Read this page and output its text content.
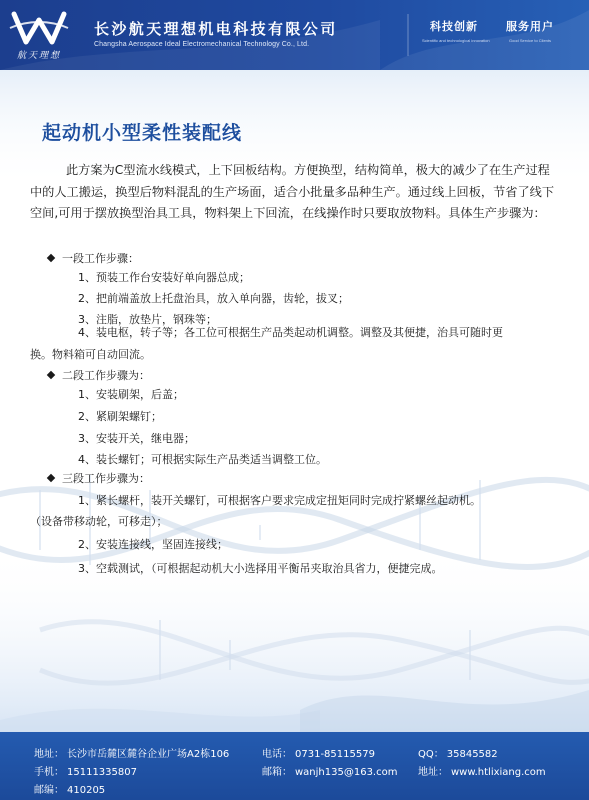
航天理想
长沙航天理想机电科技有限公司
Changsha Aerospace Ideal Electromechanical Technology Co., Ltd.
科技创新
Scientific and technological innovation
服务用户
Good Service to Clients
起动机小型柔性装配线

此方案为C型流水线模式，上下回板结构。方便换型，结构简单，极大的减少了在生产过程中的人工搬运，换型后物料混乱的生产场面，适合小批量多品种生产。通过线上回板，节省了线下空间,可用于摆放换型治具工具，物料架上下回流，在线操作时只要取放物料。具体生产步骤为：

一段工作步骤：
1、预装工作台安装好单向器总成；
2、把前端盖放上托盘治具，放入单向器，齿轮，拔叉；
3、注脂，放垫片，钢珠等；
4、装电枢，转子等；各工位可根据生产品类起动机调整。调整及其便捷，治具可随时更换。物料箱可自动回流。
二段工作步骤为：
1、安装刷架，后盖；
2、紧刷架螺钉；
3、安装开关，继电器；
4、装长螺钉；可根据实际生产品类适当调整工位。
三段工作步骤为：
1、紧长螺杆，装开关螺钉，可根据客户要求完成定扭矩同时完成拧紧螺丝起动机。
（设备带移动轮，可移走）；
2、安装连接线，坚固连接线；
3、空载测试，（可根据起动机大小选择用平衡吊夹取治具省力，便捷完成。
地址： 长沙市岳麓区麓谷企业广场A2栋106	电话： 0731-85115579	QQ： 35845582
手机： 15111335807	邮箱： wanjh135@163.com 地址： www.htlixiang.com
邮编： 410205
